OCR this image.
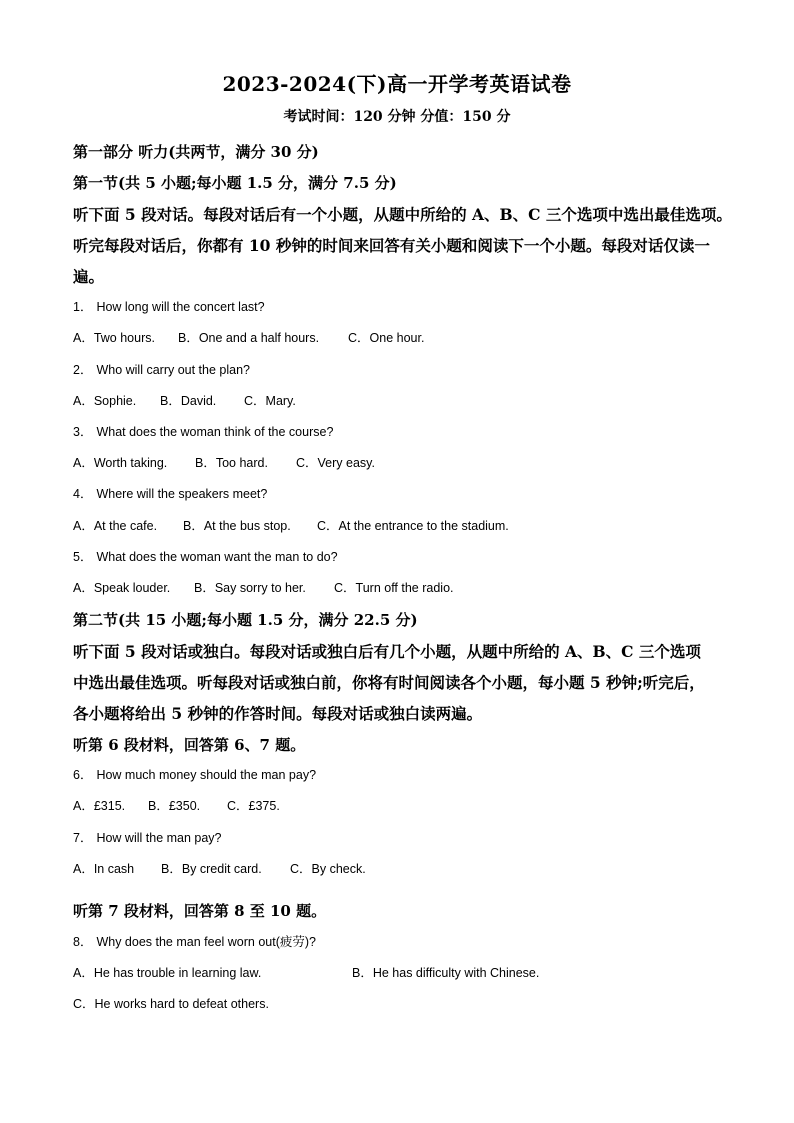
2023-2024(下)高一开学考英语试卷
考试时间：120 分钟 分值：150 分
第一部分 听力(共两节，满分 30 分)
第一节(共 5 小题;每小题 1.5 分，满分 7.5 分)
听下面 5 段对话。每段对话后有一个小题，从题中所给的 A、B、C 三个选项中选出最佳选项。
听完每段对话后，你都有 10 秒钟的时间来回答有关小题和阅读下一个小题。每段对话仅读一
遍。
1． How long will the concert last?
A．Two hours. B．One and a half hours. C．One hour.
2． Who will carry out the plan?
A．Sophie. B．David. C．Mary.
3． What does the woman think of the course?
A．Worth taking. B．Too hard. C．Very easy.
4． Where will the speakers meet?
A．At the cafe. B．At the bus stop. C．At the entrance to the stadium.
5． What does the woman want the man to do?
A．Speak louder. B．Say sorry to her. C．Turn off the radio.
第二节(共 15 小题;每小题 1.5 分，满分 22.5 分)
听下面 5 段对话或独白。每段对话或独白后有几个小题，从题中所给的 A、B、C 三个选项
中选出最佳选项。听每段对话或独白前，你将有时间阅读各个小题，每小题 5 秒钟;听完后，
各小题将给出 5 秒钟的作答时间。每段对话或独白读两遍。
听第 6 段材料，回答第 6、7 题。
6． How much money should the man pay?
A．£315. B．£350. C．£375.
7． How will the man pay?
A．In cash B．By credit card. C．By check.
听第 7 段材料，回答第 8 至 10 题。
8． Why does the man feel worn out(疲劳)?
A．He has trouble in learning law.	B．He has difficulty with Chinese.
C．He works hard to defeat others.
